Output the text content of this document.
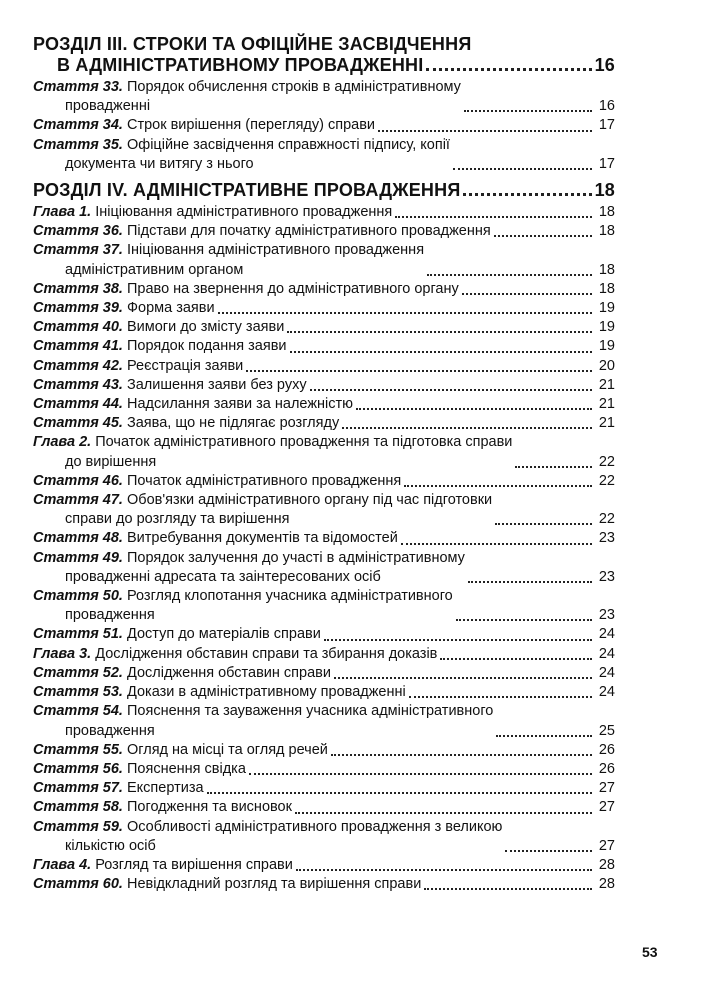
РОЗДІЛ ІІІ. СТРОКИ ТА ОФІЦІЙНЕ ЗАСВІДЧЕННЯ
В АДМІНІСТРАТИВНОМУ ПРОВАДЖЕННІ	16
Стаття 33. Порядок обчислення строків в адміністративному
провадженні	16
Стаття 34. Строк вирішення (перегляду) справи	17
Стаття 35. Офіційне засвідчення справжності підпису, копії
документа чи витягу з нього	17
РОЗДІЛ IV. АДМІНІСТРАТИВНЕ ПРОВАДЖЕННЯ	18
Глава 1. Ініціювання адміністративного провадження	18
Стаття 36. Підстави для початку адміністративного провадження	18
Стаття 37. Ініціювання адміністративного провадження
адміністративним органом	18
Стаття 38. Право на звернення до адміністративного органу	18
Стаття 39. Форма заяви	19
Стаття 40. Вимоги до змісту заяви	19
Стаття 41. Порядок подання заяви	19
Стаття 42. Реєстрація заяви	20
Стаття 43. Залишення заяви без руху	21
Стаття 44. Надсилання заяви за належністю	21
Стаття 45. Заява, що не підлягає розгляду	21
Глава 2. Початок адміністративного провадження та підготовка справи
до вирішення	22
Стаття 46. Початок адміністративного провадження	22
Стаття 47. Обов'язки адміністративного органу під час підготовки
справи до розгляду та вирішення	22
Стаття 48. Витребування документів та відомостей	23
Стаття 49. Порядок залучення до участі в адміністративному
провадженні адресата та заінтересованих осіб	23
Стаття 50. Розгляд клопотання учасника адміністративного
провадження	23
Стаття 51. Доступ до матеріалів справи	24
Глава 3. Дослідження обставин справи та збирання доказів	24
Стаття 52. Дослідження обставин справи	24
Стаття 53. Докази в адміністративному провадженні	24
Стаття 54. Пояснення та зауваження учасника адміністративного
провадження	25
Стаття 55. Огляд на місці та огляд речей	26
Стаття 56. Пояснення свідка	26
Стаття 57. Експертиза	27
Стаття 58. Погодження та висновок	27
Стаття 59. Особливості адміністративного провадження з великою
кількістю осіб	27
Глава 4. Розгляд та вирішення справи	28
Стаття 60. Невідкладний розгляд та вирішення справи	28
53
